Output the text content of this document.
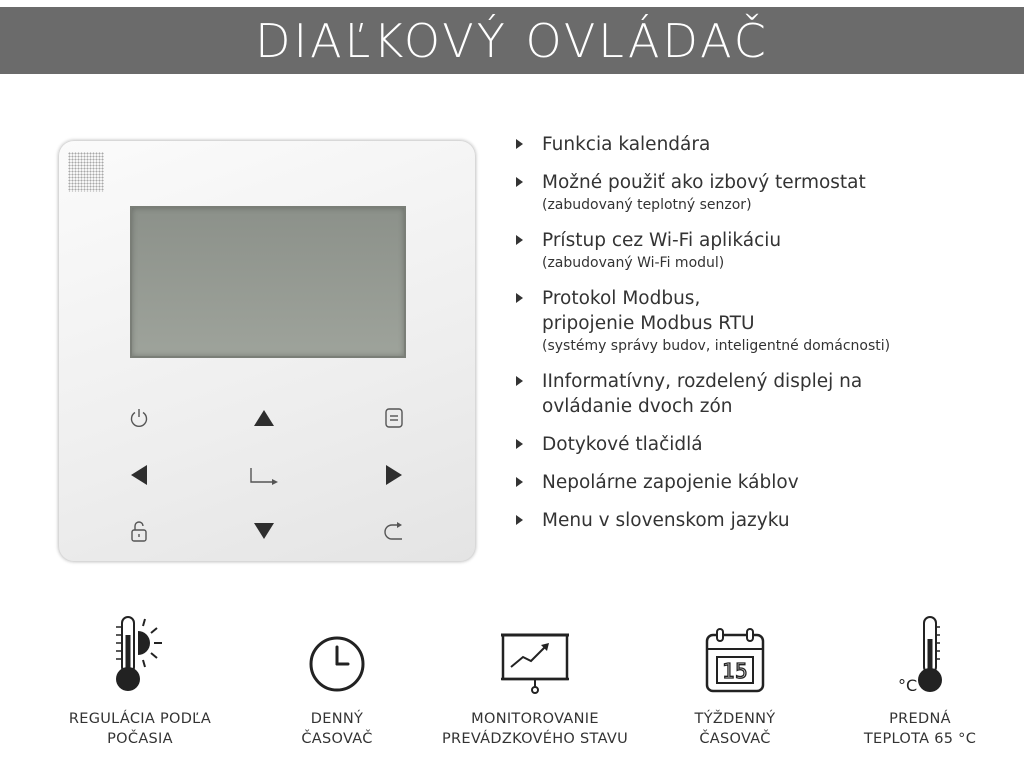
DIAĽKOVÝ OVLÁDAČ
Funkcia kalendára
Možné použiť ako izbový termostat
(zabudovaný teplotný senzor)
Prístup cez Wi-Fi aplikáciu
(zabudovaný Wi-Fi modul)
Protokol Modbus,
pripojenie Modbus RTU
(systémy správy budov, inteligentné domácnosti)
IInformatívny, rozdelený displej na
ovládanie dvoch zón
Dotykové tlačidlá
Nepolárne zapojenie káblov
Menu v slovenskom jazyku
REGULÁCIA PODĽA
POČASIA
DENNÝ
ČASOVAČ
MONITOROVANIE
PREVÁDZKOVÉHO STAVU
15
TÝŽDENNÝ
ČASOVAČ
°C
PREDNÁ
TEPLOTA 65 °C
